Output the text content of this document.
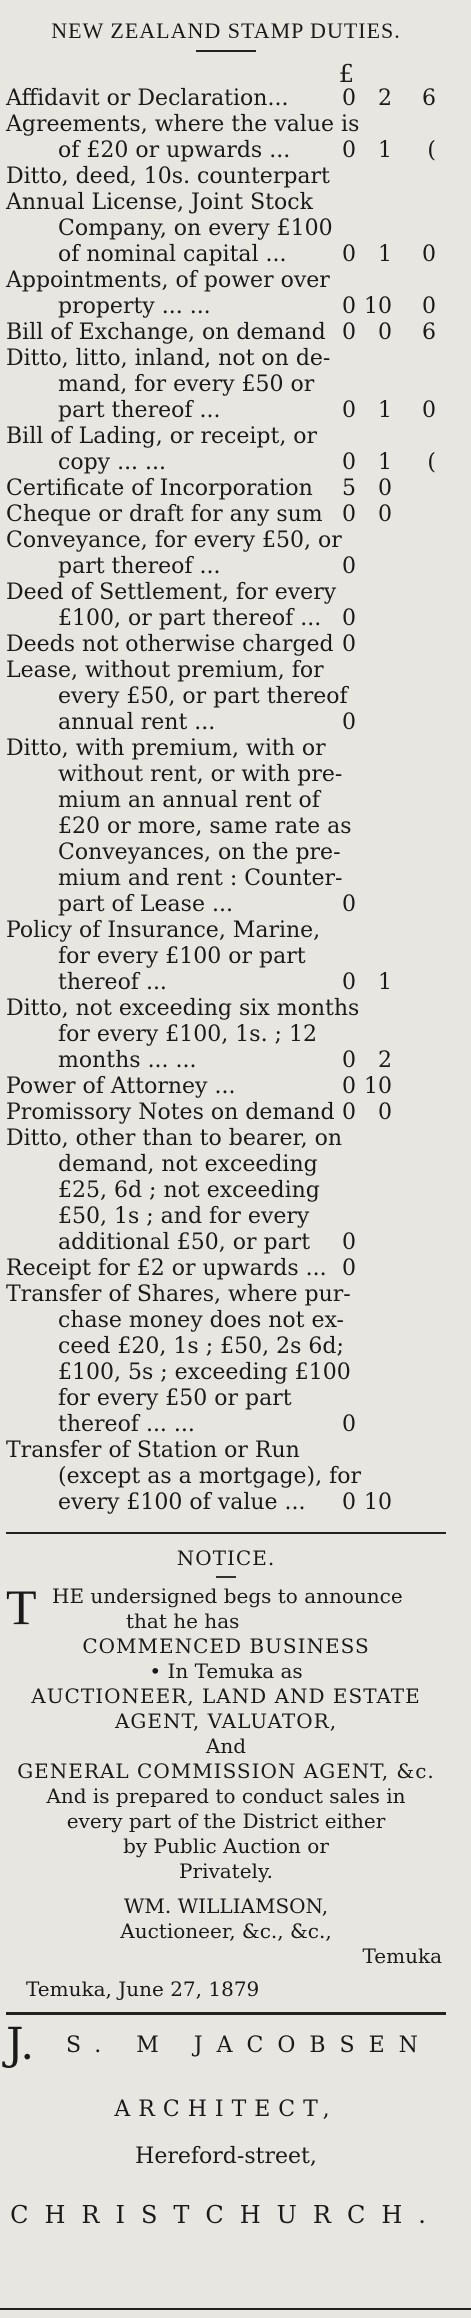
NEW ZEALAND STAMP DUTIES.
£
Affidavit or Declaration... 0 2 6
Agreements, where the value is
of £20 or upwards ... 0 1 (
Ditto, deed, 10s. counterpart
Annual License, Joint Stock
Company, on every £100
of nominal capital ...	0 1 0
Appointments, of power over
property ... ...	0 10 0
Bill of Exchange, on demand 0 0 6
Ditto, litto, inland, not on de-
mand, for every £50 or
part thereof ...	0 1 0
Bill of Lading, or receipt, or
copy ... ...	0 1 (
Certificate of Incorporation 5 0
Cheque or draft for any sum 0 0
Conveyance, for every £50, or
part thereof ...	0
Deed of Settlement, for every
£100, or part thereof ... 0
Deeds not otherwise charged 0
Lease, without premium, for
every £50, or part thereof
annual rent ...	0
Ditto, with premium, with or
without rent, or with pre-
mium an annual rent of
£20 or more, same rate as
Conveyances, on the pre-
mium and rent : Counter-
part of Lease ...	0
Policy of Insurance, Marine,
for every £100 or part
thereof ...	0 1
Ditto, not exceeding six months
for every £100, 1s. ; 12
months ... ...	0 2
Power of Attorney ...	0 10
Promissory Notes on demand 0 0
Ditto, other than to bearer, on
demand, not exceeding
£25, 6d ; not exceeding
£50, 1s ; and for every
additional £50, or part 0
Receipt for £2 or upwards ... 0
Transfer of Shares, where pur-
chase money does not ex-
ceed £20, 1s ; £50, 2s 6d;
£100, 5s ; exceeding £100
for every £50 or part
thereof ... ...	0
Transfer of Station or Run
(except as a mortgage), for
every £100 of value ... 0 10
NOTICE.
T HE undersigned begs to announce
that he has
COMMENCED BUSINESS
• In Temuka as
AUCTIONEER, LAND AND ESTATE
AGENT, VALUATOR,
And
GENERAL COMMISSION AGENT, &c.
And is prepared to conduct sales in
every part of the District either
by Public Auction or
Privately.
WM. WILLIAMSON,
Auctioneer, &c., &c.,
Temuka
Temuka, June 27, 1879
J. S. M JACOBSEN
ARCHITECT,
Hereford-street,
CHRISTCHURCH.
